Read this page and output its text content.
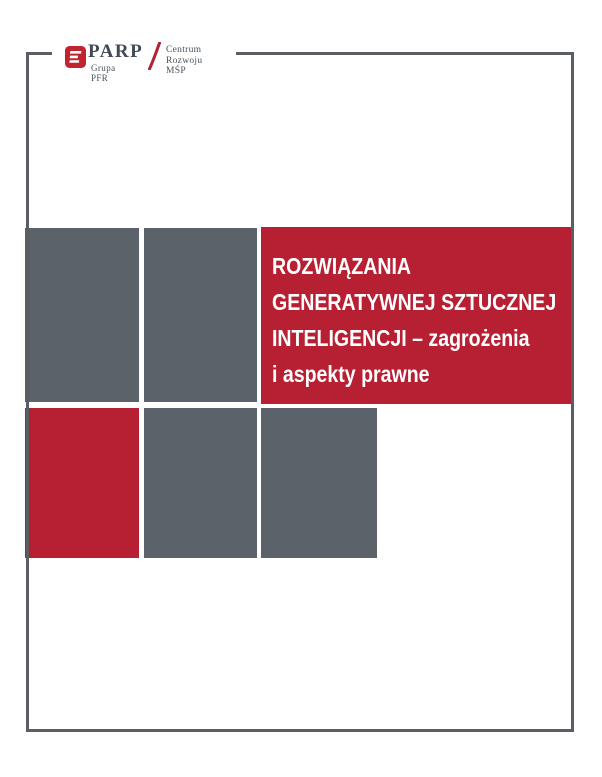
ROZWIĄZANIA
GENERATYWNEJ SZTUCZNEJ
INTELIGENCJI – zagrożenia
i aspekty prawne
PARP
Grupa PFR
Centrum
Rozwoju MŚP
